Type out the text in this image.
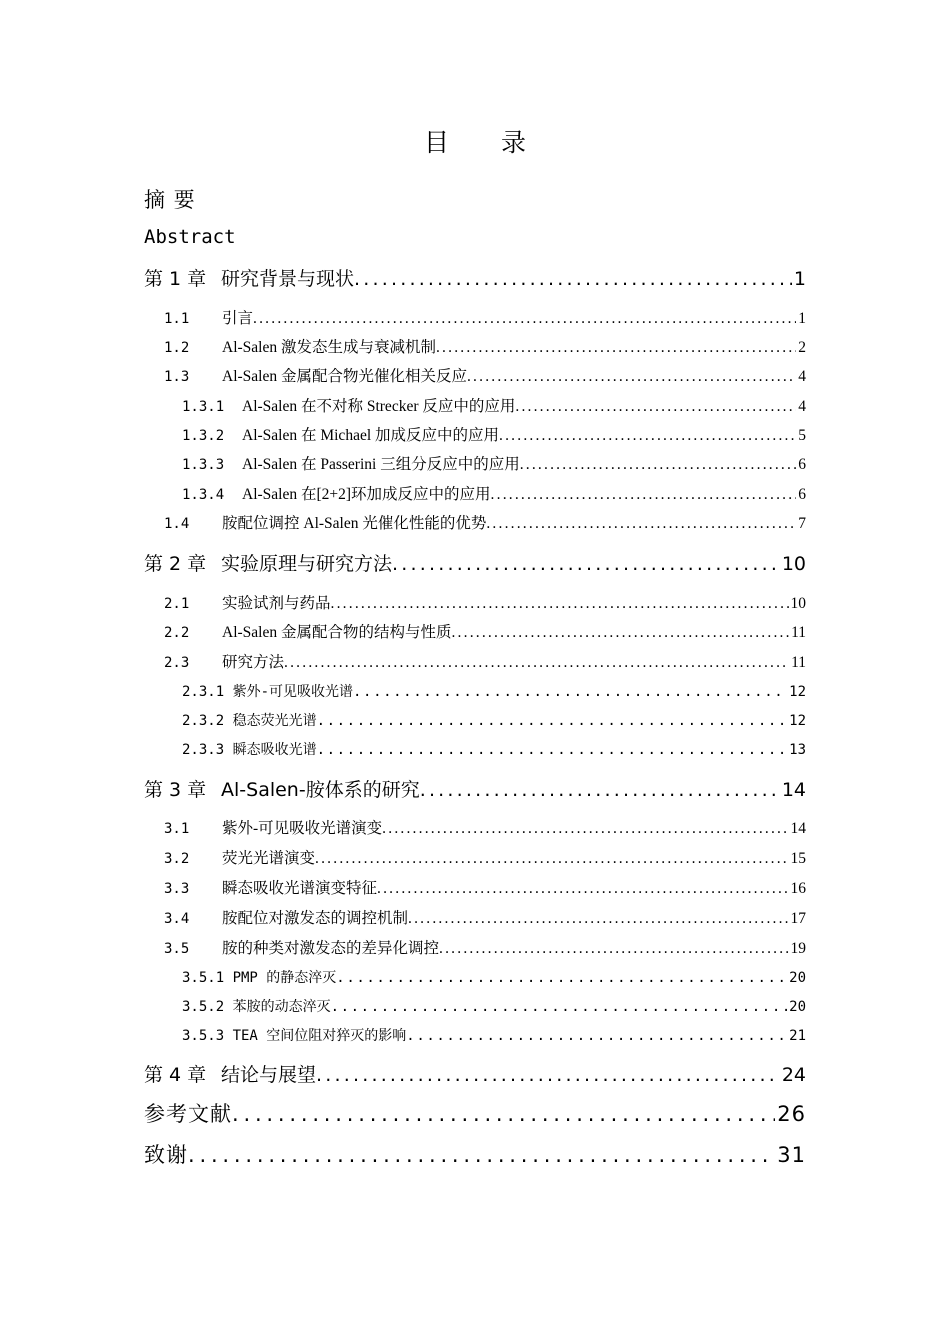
目 录
摘 要
Abstract
第 1 章 研究背景与现状 .....	1
1.1	引言 .....	1
1.2	Al-Salen 激发态生成与衰减机制 .....	2
1.3	Al-Salen 金属配合物光催化相关反应 .....	4
1.3.1	Al-Salen 在不对称 Strecker 反应中的应用 .....	4
1.3.2	Al-Salen 在 Michael 加成反应中的应用 .....	5
1.3.3	Al-Salen 在 Passerini 三组分反应中的应用 .....	6
1.3.4	Al-Salen 在[2+2]环加成反应中的应用 .....	6
1.4	胺配位调控 Al-Salen 光催化性能的优势 .....	7
第 2 章 实验原理与研究方法 .....	10
2.1	实验试剂与药品 .....	10
2.2	Al-Salen 金属配合物的结构与性质 .....	11
2.3	研究方法 .....	11
2.3.1 紫外-可见吸收光谱 .....	12
2.3.2 稳态荧光光谱 .....	12
2.3.3 瞬态吸收光谱 .....	13
第 3 章 Al-Salen-胺体系的研究 .....	14
3.1	紫外-可见吸收光谱演变 .....	14
3.2	荧光光谱演变 .....	15
3.3	瞬态吸收光谱演变特征 .....	16
3.4	胺配位对激发态的调控机制 .....	17
3.5	胺的种类对激发态的差异化调控 .....	19
3.5.1 PMP 的静态淬灭 .....	20
3.5.2 苯胺的动态淬灭 .....	20
3.5.3 TEA 空间位阻对猝灭的影响 .....	21
第 4 章 结论与展望 .....	24
参考文献 .....	26
致谢 .....	31
